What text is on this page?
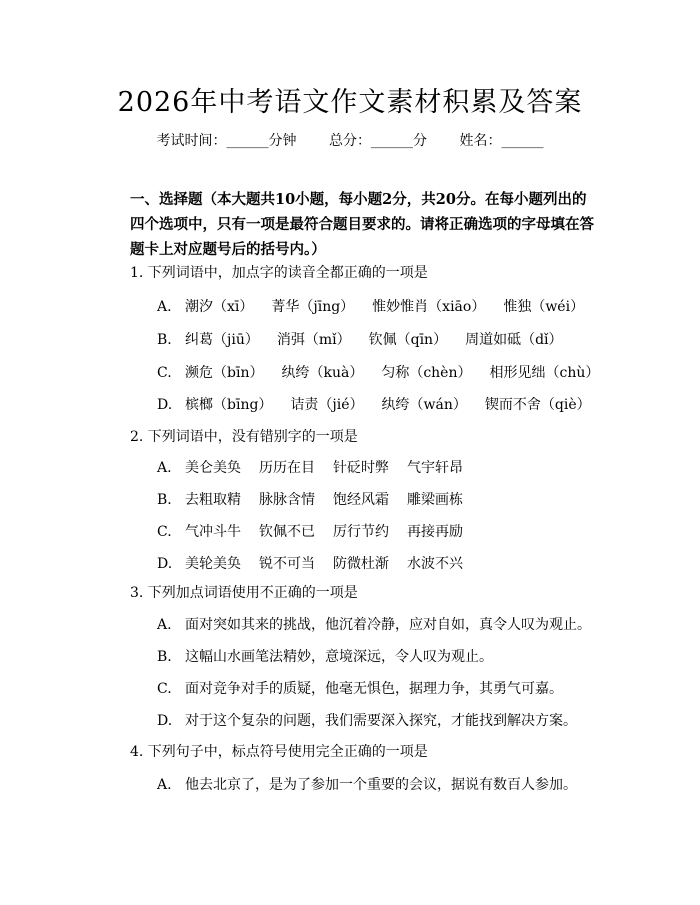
2026年中考语文作文素材积累及答案
考试时间：______分钟 总分：______分 姓名：______
一、选择题（本大题共10小题，每小题2分，共20分。在每小题列出的四个选项中，只有一项是最符合题目要求的。请将正确选项的字母填在答题卡上对应题号后的括号内。）
1. 下列词语中，加点字的读音全都正确的一项是
A. 潮汐（xī） 菁华（jīng） 惟妙惟肖（xiāo） 惟独（wéi）
B. 纠葛（jiū） 消弭（mǐ） 钦佩（qīn） 周道如砥（dǐ）
C. 濒危（bīn） 纨绔（kuà） 匀称（chèn） 相形见绌（chù）
D. 槟榔（bīng） 诘责（jié） 纨绔（wán） 锲而不舍（qiè）
2. 下列词语中，没有错别字的一项是
A. 美仑美奂 历历在目 针砭时弊 气宇轩昂
B. 去粗取精 脉脉含情 饱经风霜 雕梁画栋
C. 气冲斗牛 钦佩不已 厉行节约 再接再励
D. 美轮美奂 锐不可当 防微杜渐 水波不兴
3. 下列加点词语使用不正确的一项是
A. 面对突如其来的挑战，他沉着冷静，应对自如，真令人叹为观止。
B. 这幅山水画笔法精妙，意境深远，令人叹为观止。
C. 面对竞争对手的质疑，他毫无惧色，据理力争，其勇气可嘉。
D. 对于这个复杂的问题，我们需要深入探究，才能找到解决方案。
4. 下列句子中，标点符号使用完全正确的一项是
A. 他去北京了，是为了参加一个重要的会议，据说有数百人参加。
